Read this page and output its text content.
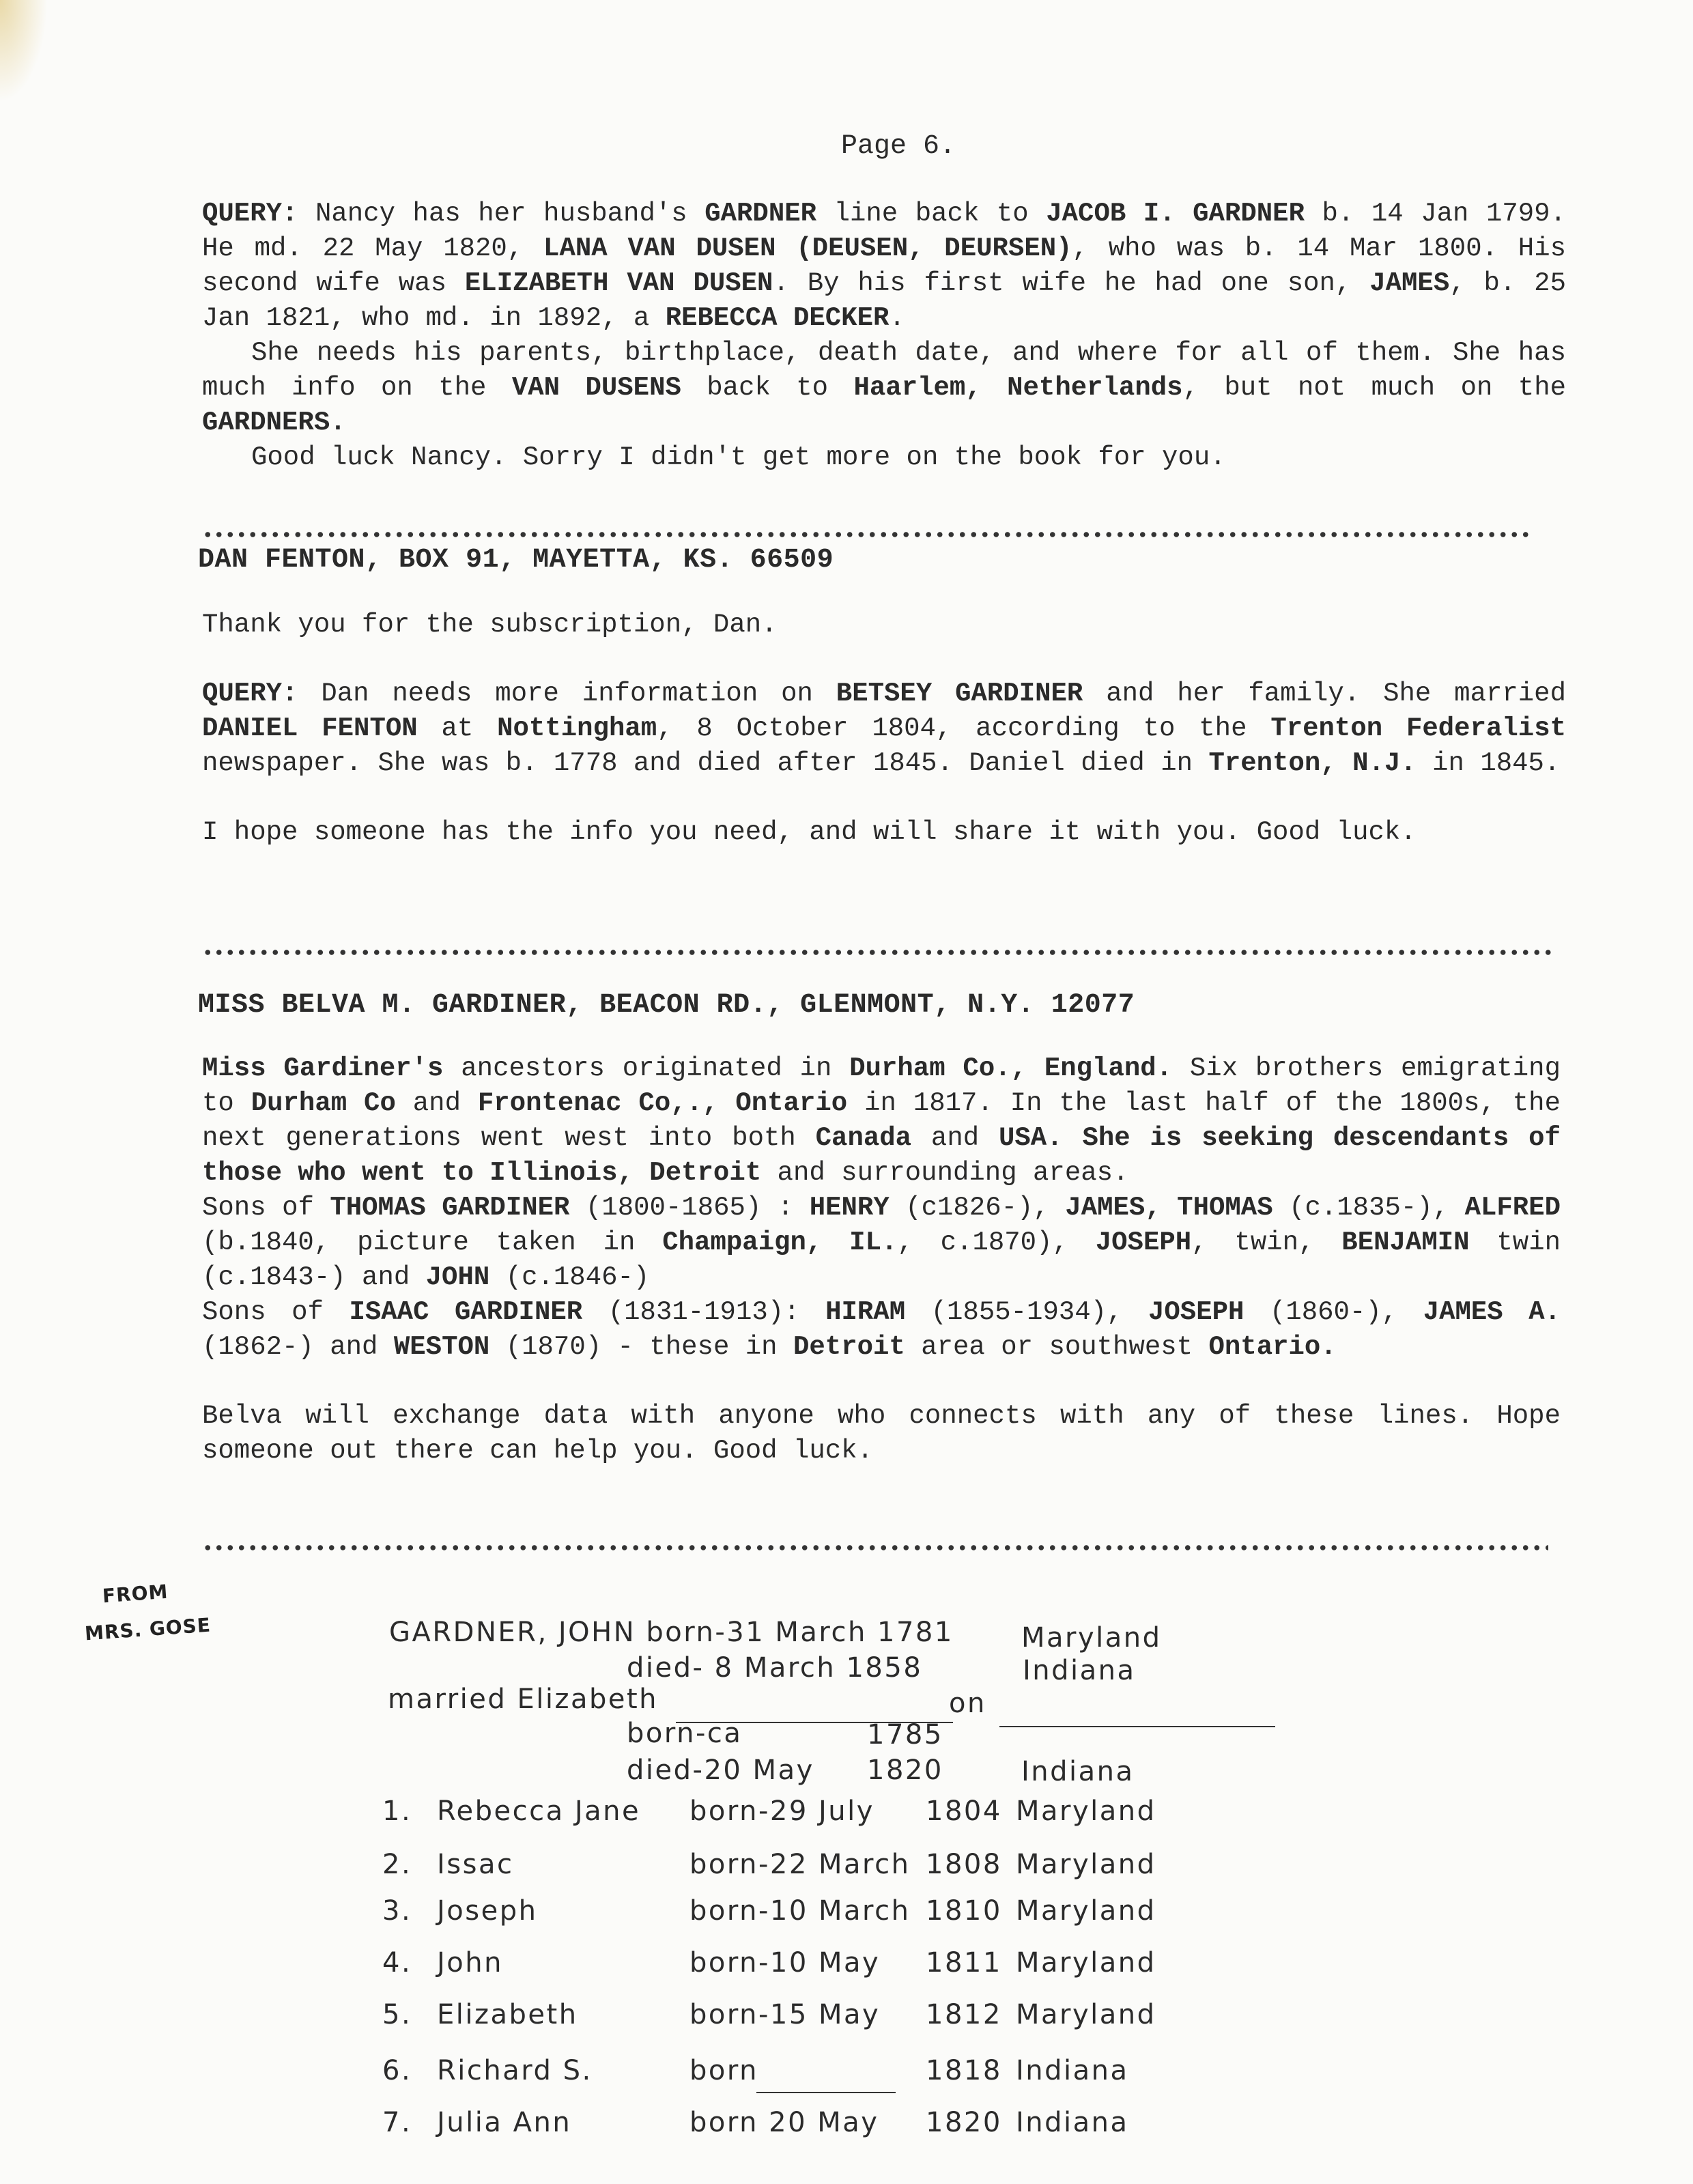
Page 6.

QUERY: Nancy has her husband's GARDNER line back to JACOB I. GARDNER b. 14 Jan 1799. He md. 22 May 1820, LANA VAN DUSEN (DEUSEN, DEURSEN), who was b. 14 Mar 1800. His second wife was ELIZABETH VAN DUSEN. By his first wife he had one son, JAMES, b. 25 Jan 1821, who md. in 1892, a REBECCA DECKER.

She needs his parents, birthplace, death date, and where for all of them. She has much info on the VAN DUSENS back to Haarlem, Netherlands, but not much on the GARDNERS.

Good luck Nancy. Sorry I didn't get more on the book for you.

DAN FENTON, BOX 91, MAYETTA, KS. 66509

Thank you for the subscription, Dan.

QUERY: Dan needs more information on BETSEY GARDINER and her family. She married DANIEL FENTON at Nottingham, 8 October 1804, according to the Trenton Federalist newspaper. She was b. 1778 and died after 1845. Daniel died in Trenton, N.J. in 1845.

I hope someone has the info you need, and will share it with you. Good luck.

MISS BELVA M. GARDINER, BEACON RD., GLENMONT, N.Y. 12077

Miss Gardiner's ancestors originated in Durham Co., England. Six brothers emigrating to Durham Co and Frontenac Co,., Ontario in 1817. In the last half of the 1800s, the next generations went west into both Canada and USA. She is seeking descendants of those who went to Illinois, Detroit and surrounding areas.

Sons of THOMAS GARDINER (1800-1865) : HENRY (c1826-), JAMES, THOMAS (c.1835-), ALFRED (b.1840, picture taken in Champaign, IL., c.1870), JOSEPH, twin, BENJAMIN twin (c.1843-) and JOHN (c.1846-)

Sons of ISAAC GARDINER (1831-1913): HIRAM (1855-1934), JOSEPH (1860-), JAMES A. (1862-) and WESTON (1870) - these in Detroit area or southwest Ontario.

Belva will exchange data with anyone who connects with any of these lines. Hope someone out there can help you. Good luck.

FROM
MRS. GOSE	GARDNER, JOHN born-31 March 1781 Maryland
died- 8 March 1858	Indiana
married Elizabeth	on
born-ca	1785
died-20 May 1820	Indiana
1. Rebecca Jane born-29 July 1804 Maryland
2. Issac	born-22 March 1808 Maryland
3. Joseph	born-10 March 1810 Maryland
4. John	born-10 May 1811 Maryland
5. Elizabeth	born-15 May 1812 Maryland
6. Richard S.	born	1818 Indiana
7. Julia Ann	born 20 May 1820 Indiana
